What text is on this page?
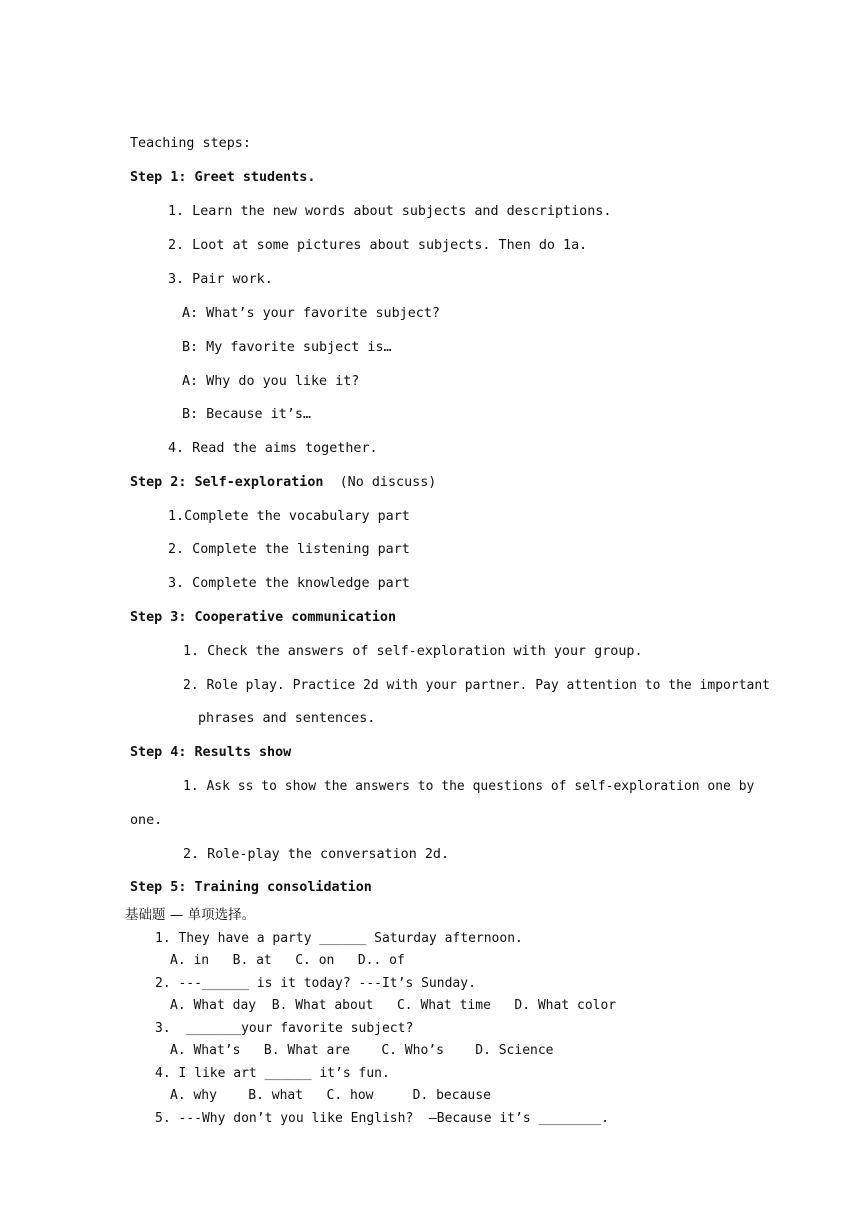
Teaching steps:
Step 1: Greet students.
1. Learn the new words about subjects and descriptions.
2. Loot at some pictures about subjects. Then do 1a.
3. Pair work.
A: What’s your favorite subject?
B: My favorite subject is…
A: Why do you like it?
B: Because it’s…
4. Read the aims together.
Step 2: Self-exploration (No discuss)
1.Complete the vocabulary part
2. Complete the listening part
3. Complete the knowledge part
Step 3: Cooperative communication
1. Check the answers of self-exploration with your group.
2. Role play. Practice 2d with your partner. Pay attention to the important
phrases and sentences.
Step 4: Results show
1. Ask ss to show the answers to the questions of self-exploration one by
one.
2. Role-play the conversation 2d.
Step 5: Training consolidation
基础题 — 单项选择。
1. They have a party ______ Saturday afternoon.
A. in   B. at   C. on   D.. of
2. ---______ is it today? ---It’s Sunday.
A. What day  B. What about   C. What time   D. What color
3.  _______your favorite subject?
A. What’s   B. What are    C. Who’s    D. Science
4. I like art ______ it’s fun.
A. why    B. what   C. how     D. because
5. ---Why don’t you like English?  —Because it’s ________.
